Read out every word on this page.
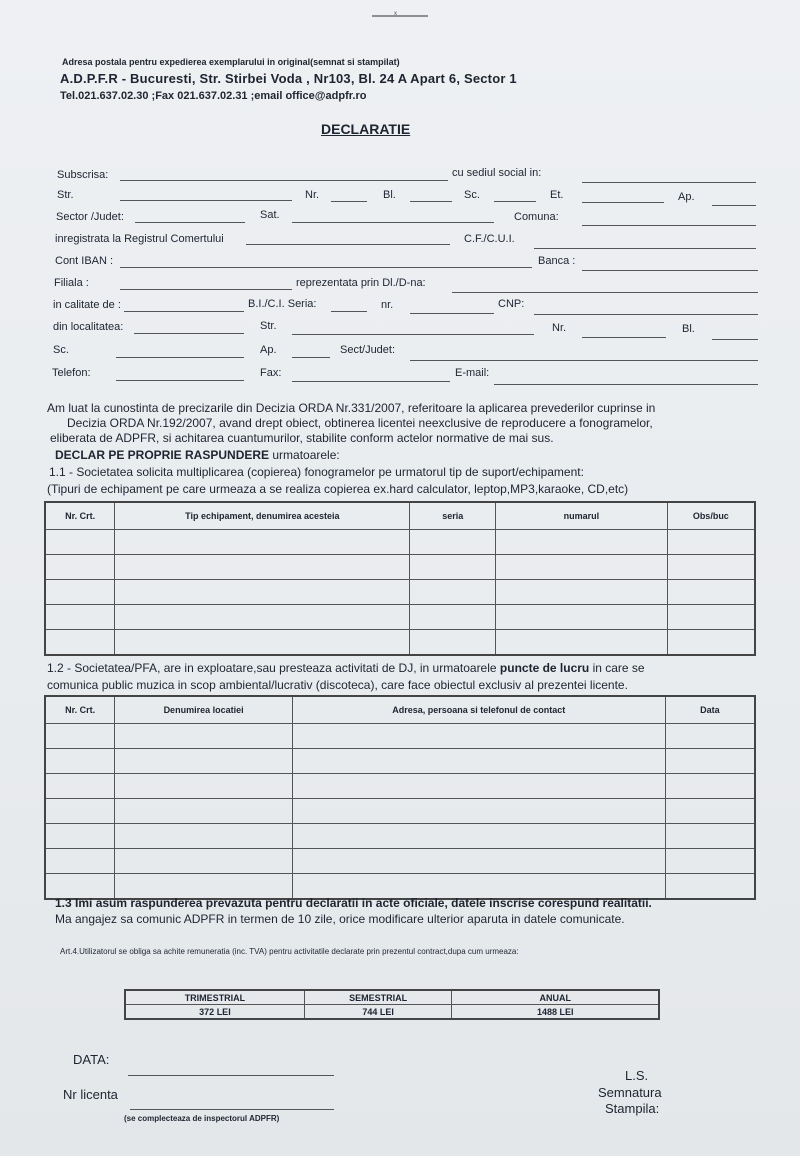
x
Adresa postala pentru expedierea exemplarului in original(semnat si stampilat)
A.D.P.F.R - Bucuresti, Str. Stirbei Voda , Nr103, Bl. 24 A Apart 6, Sector 1
Tel.021.637.02.30 ;Fax 021.637.02.31 ;email office@adpfr.ro
DECLARATIE
Subscrisa:	cu sediul social in:
Str.	Nr.	Bl.	Sc.	Et.	Ap.
Sector /Judet:	Sat.	Comuna:
inregistrata la Registrul Comertului	C.F./C.U.I.
Cont IBAN :	Banca :
Filiala :	reprezentata prin Dl./D-na:
in calitate de :	B.I./C.I. Seria:	nr.	CNP:
din localitatea:	Str.	Nr.	Bl.
Sc.	Ap.	Sect/Judet:
Telefon:	Fax:	E-mail:
Am luat la cunostinta de precizarile din Decizia ORDA Nr.331/2007, referitoare la aplicarea prevederilor cuprinse in
Decizia ORDA Nr.192/2007, avand drept obiect, obtinerea licentei neexclusive de reproducere a fonogramelor,
eliberata de ADPFR, si achitarea cuantumurilor, stabilite conform actelor normative de mai sus.
DECLAR PE PROPRIE RASPUNDERE urmatoarele:
1.1 - Societatea solicita multiplicarea (copierea) fonogramelor pe urmatorul tip de suport/echipament:
(Tipuri de echipament pe care urmeaza a se realiza copierea ex.hard calculator, leptop,MP3,karaoke, CD,etc)
Nr. Crt.	Tip echipament, denumirea acesteia	seria	numarul	Obs/buc

1.2 - Societatea/PFA, are in exploatare,sau presteaza activitati de DJ, in urmatoarele puncte de lucru in care se
comunica public muzica in scop ambiental/lucrativ (discoteca), care face obiectul exclusiv al prezentei licente.
Nr. Crt.	Denumirea locatiei	Adresa, persoana si telefonul de contact	Data

1.3 Imi asum raspunderea prevazuta pentru declaratii in acte oficiale, datele inscrise corespund realitatii.
Ma angajez sa comunic ADPFR in termen de 10 zile, orice modificare ulterior aparuta in datele comunicate.
Art.4.Utilizatorul se obliga sa achite remuneratia (inc. TVA) pentru activitatile declarate prin prezentul contract,dupa cum urmeaza:
TRIMESTRIAL	SEMESTRIAL	ANUAL
372 LEI	744 LEI	1488 LEI
DATA:
Nr licenta
(se complecteaza de inspectorul ADPFR)
L.S.
Semnatura
Stampila:
